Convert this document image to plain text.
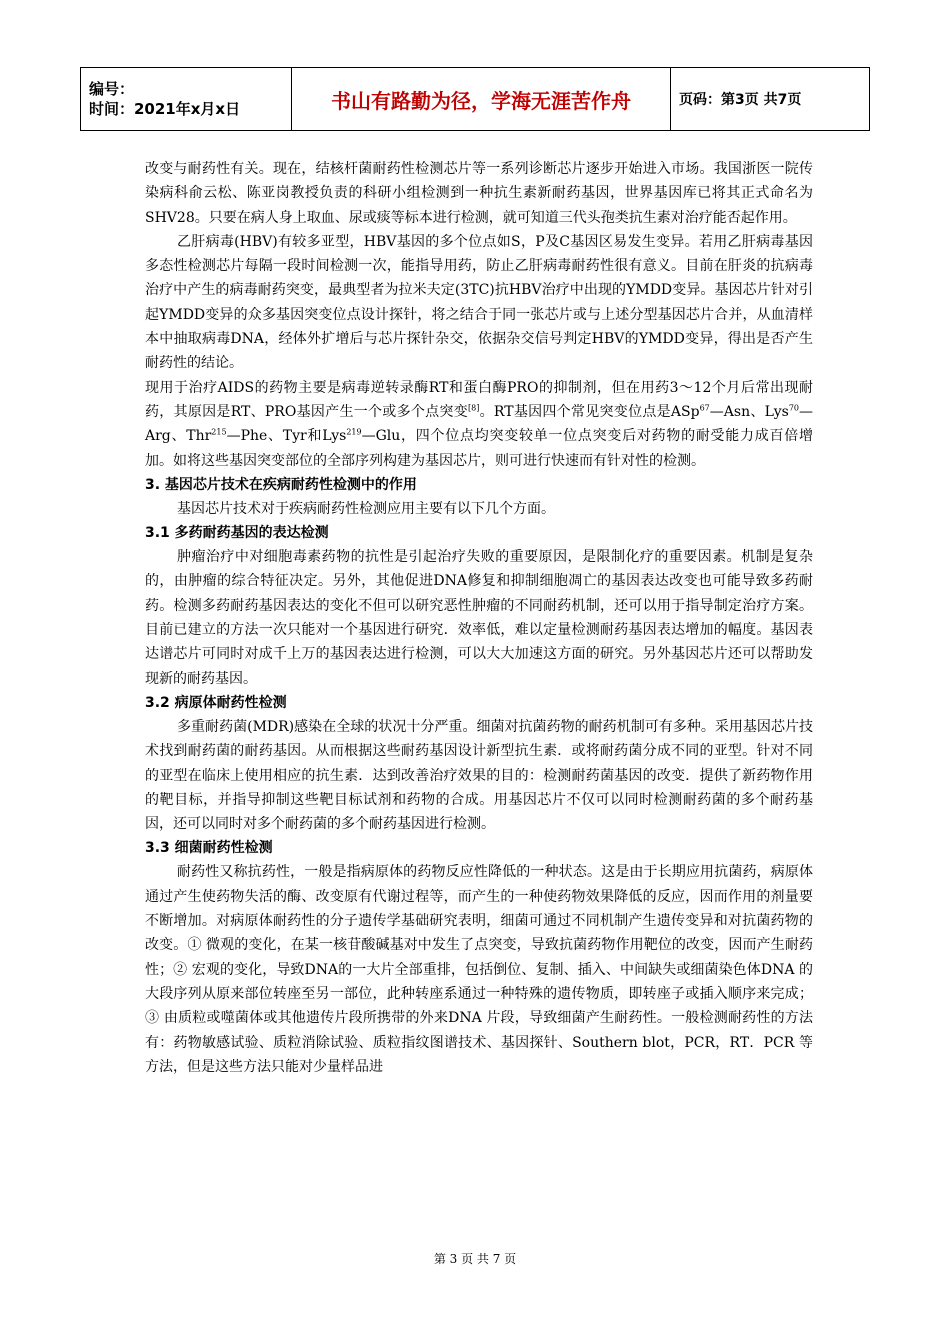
编号：
时间：2021年x月x日	书山有路勤为径，学海无涯苦作舟	页码：第3页 共7页

改变与耐药性有关。现在，结核杆菌耐药性检测芯片等一系列诊断芯片逐步开始进入市场。我国浙医一院传染病科俞云松、陈亚岗教授负责的科研小组检测到一种抗生素新耐药基因，世界基因库已将其正式命名为SHV28。只要在病人身上取血、尿或痰等标本进行检测，就可知道三代头孢类抗生素对治疗能否起作用。

乙肝病毒(HBV)有较多亚型，HBV基因的多个位点如S，P及C基因区易发生变异。若用乙肝病毒基因多态性检测芯片每隔一段时间检测一次，能指导用药，防止乙肝病毒耐药性很有意义。目前在肝炎的抗病毒治疗中产生的病毒耐药突变，最典型者为拉米夫定(3TC)抗HBV治疗中出现的YMDD变异。基因芯片针对引起YMDD变异的众多基因突变位点设计探针，将之结合于同一张芯片或与上述分型基因芯片合并，从血清样本中抽取病毒DNA，经体外扩增后与芯片探针杂交，依据杂交信号判定HBV的YMDD变异，得出是否产生耐药性的结论。

现用于治疗AIDS的药物主要是病毒逆转录酶RT和蛋白酶PRO的抑制剂，但在用药3～12个月后常出现耐药，其原因是RT、PRO基因产生一个或多个点突变[8]。RT基因四个常见突变位点是ASp$^{67}$—Asn、Lys$^{70}$—Arg、Thr$^{215}$—Phe、Tyr和Lys$^{219}$—Glu，四个位点均突变较单一位点突变后对药物的耐受能力成百倍增加。如将这些基因突变部位的全部序列构建为基因芯片，则可进行快速而有针对性的检测。

3. 基因芯片技术在疾病耐药性检测中的作用

基因芯片技术对于疾病耐药性检测应用主要有以下几个方面。

3.1 多药耐药基因的表达检测

肿瘤治疗中对细胞毒素药物的抗性是引起治疗失败的重要原因，是限制化疗的重要因素。机制是复杂的，由肿瘤的综合特征决定。另外，其他促进DNA修复和抑制细胞凋亡的基因表达改变也可能导致多药耐药。检测多药耐药基因表达的变化不但可以研究恶性肿瘤的不同耐药机制，还可以用于指导制定治疗方案。目前已建立的方法一次只能对一个基因进行研究．效率低，难以定量检测耐药基因表达增加的幅度。基因表达谱芯片可同时对成千上万的基因表达进行检测，可以大大加速这方面的研究。另外基因芯片还可以帮助发现新的耐药基因。

3.2 病原体耐药性检测

多重耐药菌(MDR)感染在全球的状况十分严重。细菌对抗菌药物的耐药机制可有多种。采用基因芯片技术找到耐药菌的耐药基因。从而根据这些耐药基因设计新型抗生素．或将耐药菌分成不同的亚型。针对不同的亚型在临床上使用相应的抗生素．达到改善治疗效果的目的：检测耐药菌基因的改变．提供了新药物作用的靶目标，并指导抑制这些靶目标试剂和药物的合成。用基因芯片不仅可以同时检测耐药菌的多个耐药基因，还可以同时对多个耐药菌的多个耐药基因进行检测。

3.3 细菌耐药性检测

耐药性又称抗药性，一般是指病原体的药物反应性降低的一种状态。这是由于长期应用抗菌药，病原体通过产生使药物失活的酶、改变原有代谢过程等，而产生的一种使药物效果降低的反应，因而作用的剂量要不断增加。对病原体耐药性的分子遗传学基础研究表明，细菌可通过不同机制产生遗传变异和对抗菌药物的改变。① 微观的变化，在某一核苷酸碱基对中发生了点突变，导致抗菌药物作用靶位的改变，因而产生耐药性；② 宏观的变化，导致DNA的一大片全部重排，包括倒位、复制、插入、中间缺失或细菌染色体DNA 的大段序列从原来部位转座至另一部位，此种转座系通过一种特殊的遗传物质，即转座子或插入顺序来完成；③ 由质粒或噬菌体或其他遗传片段所携带的外来DNA 片段，导致细菌产生耐药性。一般检测耐药性的方法有：药物敏感试验、质粒消除试验、质粒指纹图谱技术、基因探针、Southern blot，PCR，RT．PCR 等方法，但是这些方法只能对少量样品进

第 3 页 共 7 页
